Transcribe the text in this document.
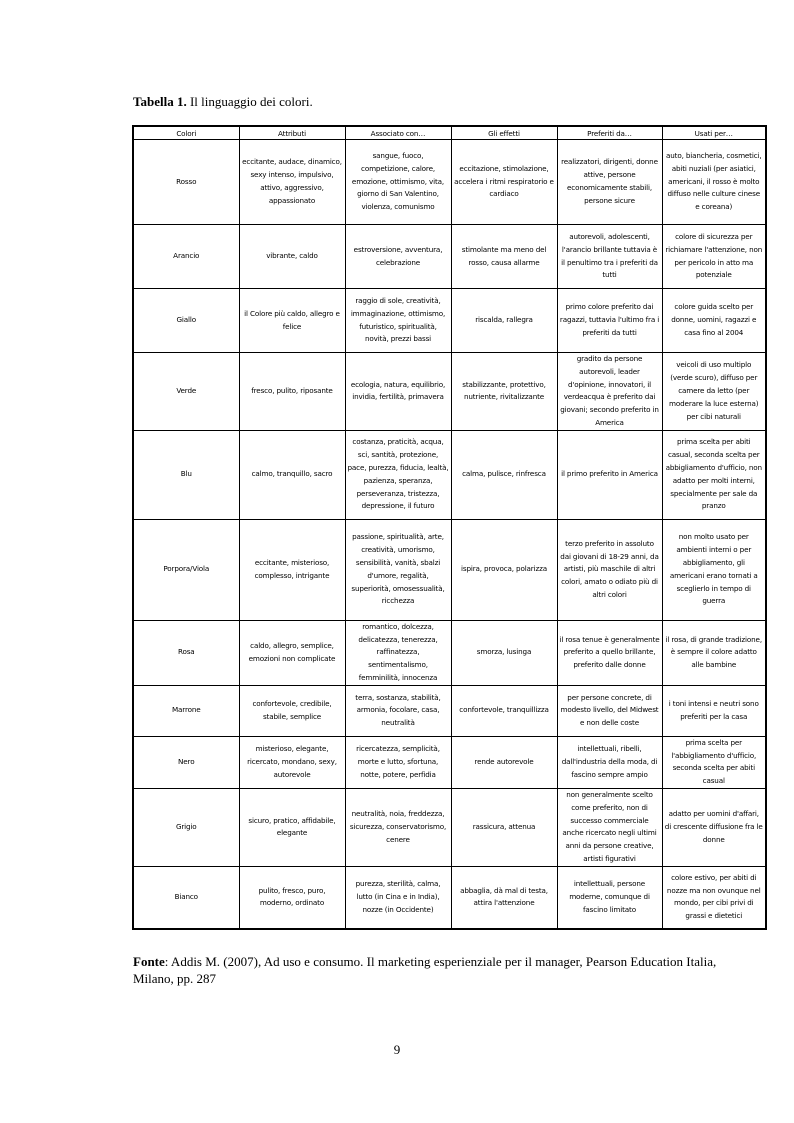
Tabella 1. Il linguaggio dei colori.
Colori	Attributi	Associato con…	Gli effetti	Preferiti da…	Usati per…
Rosso	eccitante, audace, dinamico, sexy intenso, impulsivo, attivo, aggressivo, appassionato	sangue, fuoco, competizione, calore, emozione, ottimismo, vita, giorno di San Valentino, violenza, comunismo	eccitazione, stimolazione, accelera i ritmi respiratorio e cardiaco	realizzatori, dirigenti, donne attive, persone economicamente stabili, persone sicure	auto, biancheria, cosmetici, abiti nuziali (per asiatici, americani, il rosso è molto diffuso nelle culture cinese e coreana)
Arancio	vibrante, caldo	estroversione, avventura, celebrazione	stimolante ma meno del rosso, causa allarme	autorevoli, adolescenti, l'arancio brillante tuttavia è il penultimo tra i preferiti da tutti	colore di sicurezza per richiamare l'attenzione, non per pericolo in atto ma potenziale
Giallo	il Colore più caldo, allegro e felice	raggio di sole, creatività, immaginazione, ottimismo, futuristico, spiritualità, novità, prezzi bassi	riscalda, rallegra	primo colore preferito dai ragazzi, tuttavia l'ultimo fra i preferiti da tutti	colore guida scelto per donne, uomini, ragazzi e casa fino al 2004
Verde	fresco, pulito, riposante	ecologia, natura, equilibrio, invidia, fertilità, primavera	stabilizzante, protettivo, nutriente, rivitalizzante	gradito da persone autorevoli, leader d'opinione, innovatori, il verdeacqua è preferito dai giovani; secondo preferito in America	veicoli di uso multiplo (verde scuro), diffuso per camere da letto (per moderare la luce esterna) per cibi naturali
Blu	calmo, tranquillo, sacro	costanza, praticità, acqua, sci, santità, protezione, pace, purezza, fiducia, lealtà, pazienza, speranza, perseveranza, tristezza, depressione, il futuro	calma, pulisce, rinfresca	il primo preferito in America	prima scelta per abiti casual, seconda scelta per abbigliamento d'ufficio, non adatto per molti interni, specialmente per sale da pranzo
Porpora/Viola	eccitante, misterioso, complesso, intrigante	passione, spiritualità, arte, creatività, umorismo, sensibilità, vanità, sbalzi d'umore, regalità, superiorità, omosessualità, ricchezza	ispira, provoca, polarizza	terzo preferito in assoluto dai giovani di 18-29 anni, da artisti, più maschile di altri colori, amato o odiato più di altri colori	non molto usato per ambienti interni o per abbigliamento, gli americani erano tornati a sceglierlo in tempo di guerra
Rosa	caldo, allegro, semplice, emozioni non complicate	romantico, dolcezza, delicatezza, tenerezza, raffinatezza, sentimentalismo, femminilità, innocenza	smorza, lusinga	il rosa tenue è generalmente preferito a quello brillante, preferito dalle donne	il rosa, di grande tradizione, è sempre il colore adatto alle bambine
Marrone	confortevole, credibile, stabile, semplice	terra, sostanza, stabilità, armonia, focolare, casa, neutralità	confortevole, tranquillizza	per persone concrete, di modesto livello, del Midwest e non delle coste	i toni intensi e neutri sono preferiti per la casa
Nero	misterioso, elegante, ricercato, mondano, sexy, autorevole	ricercatezza, semplicità, morte e lutto, sfortuna, notte, potere, perfidia	rende autorevole	intellettuali, ribelli, dall'industria della moda, di fascino sempre ampio	prima scelta per l'abbigliamento d'ufficio, seconda scelta per abiti casual
Grigio	sicuro, pratico, affidabile, elegante	neutralità, noia, freddezza, sicurezza, conservatorismo, cenere	rassicura, attenua	non generalmente scelto come preferito, non di successo commerciale anche ricercato negli ultimi anni da persone creative, artisti figurativi	adatto per uomini d'affari, di crescente diffusione fra le donne
Bianco	pulito, fresco, puro, moderno, ordinato	purezza, sterilità, calma, lutto (in Cina e in India), nozze (in Occidente)	abbaglia, dà mal di testa, attira l'attenzione	intellettuali, persone moderne, comunque di fascino limitato	colore estivo, per abiti di nozze ma non ovunque nel mondo, per cibi privi di grassi e dietetici
Fonte: Addis M. (2007), Ad uso e consumo. Il marketing esperienziale per il manager, Pearson Education Italia, Milano, pp. 287
9
